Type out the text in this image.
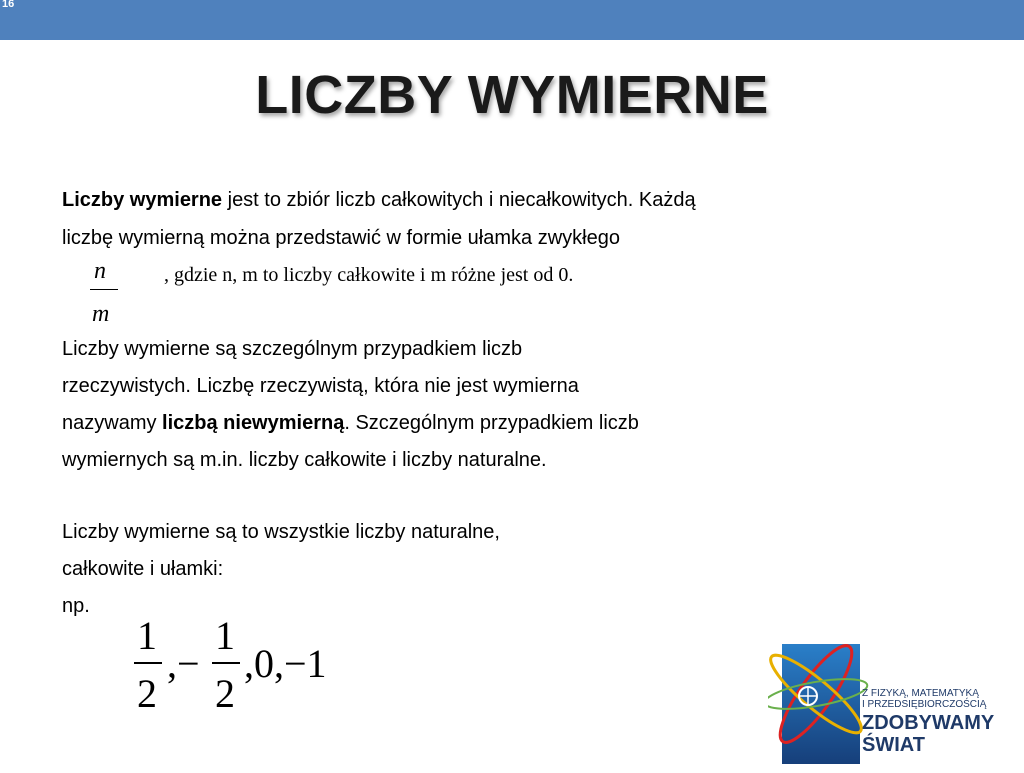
16
LICZBY WYMIERNE
Liczby wymierne jest to zbiór liczb całkowitych i niecałkowitych. Każdą
liczbę wymierną można przedstawić w formie ułamka zwykłego
n
m
, gdzie n, m to liczby całkowite i m różne jest od 0.
Liczby wymierne są szczególnym przypadkiem liczb
rzeczywistych. Liczbę rzeczywistą, która nie jest wymierna
nazywamy liczbą niewymierną. Szczególnym przypadkiem liczb
wymiernych są m.in. liczby całkowite i liczby naturalne.
Liczby wymierne są to wszystkie liczby naturalne,
całkowite i ułamki:
np.
1
2
,−
1
2
,0,−1
Z FIZYKĄ, MATEMATYKĄ
I PRZEDSIĘBIORCZOŚCIĄ
ZDOBYWAMY
ŚWIAT
